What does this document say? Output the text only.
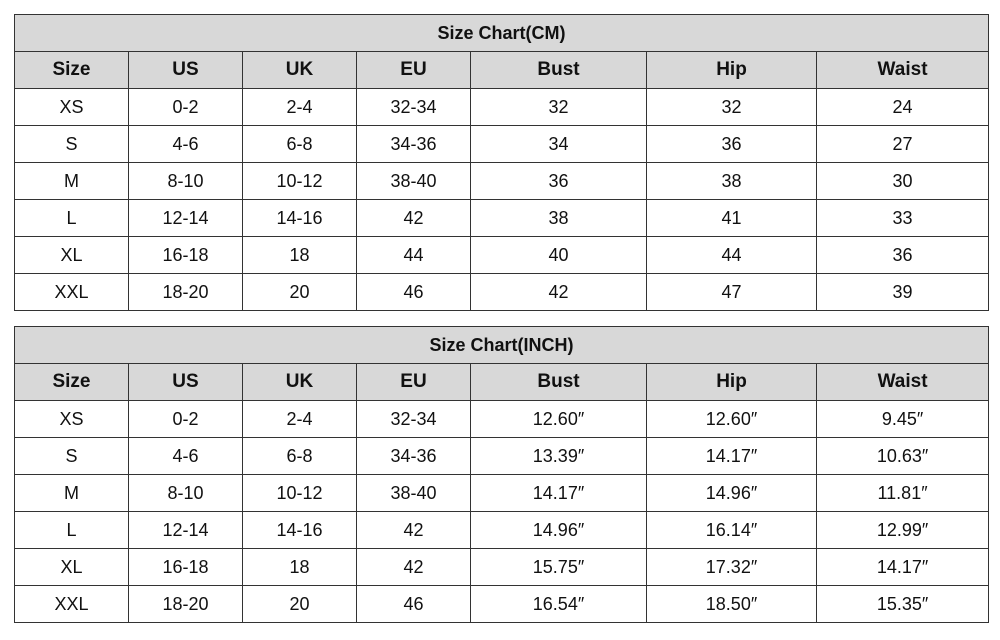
Size Chart(CM)						
Size	US	UK	EU	Bust	Hip	Waist
XS	0-2	2-4	32-34	32	32	24
S	4-6	6-8	34-36	34	36	27
M	8-10	10-12	38-40	36	38	30
L	12-14	14-16	42	38	41	33
XL	16-18	18	44	40	44	36
XXL	18-20	20	46	42	47	39
Size Chart(INCH)						
Size	US	UK	EU	Bust	Hip	Waist
XS	0-2	2-4	32-34	12.60″	12.60″	9.45″
S	4-6	6-8	34-36	13.39″	14.17″	10.63″
M	8-10	10-12	38-40	14.17″	14.96″	11.81″
L	12-14	14-16	42	14.96″	16.14″	12.99″
XL	16-18	18	42	15.75″	17.32″	14.17″
XXL	18-20	20	46	16.54″	18.50″	15.35″
